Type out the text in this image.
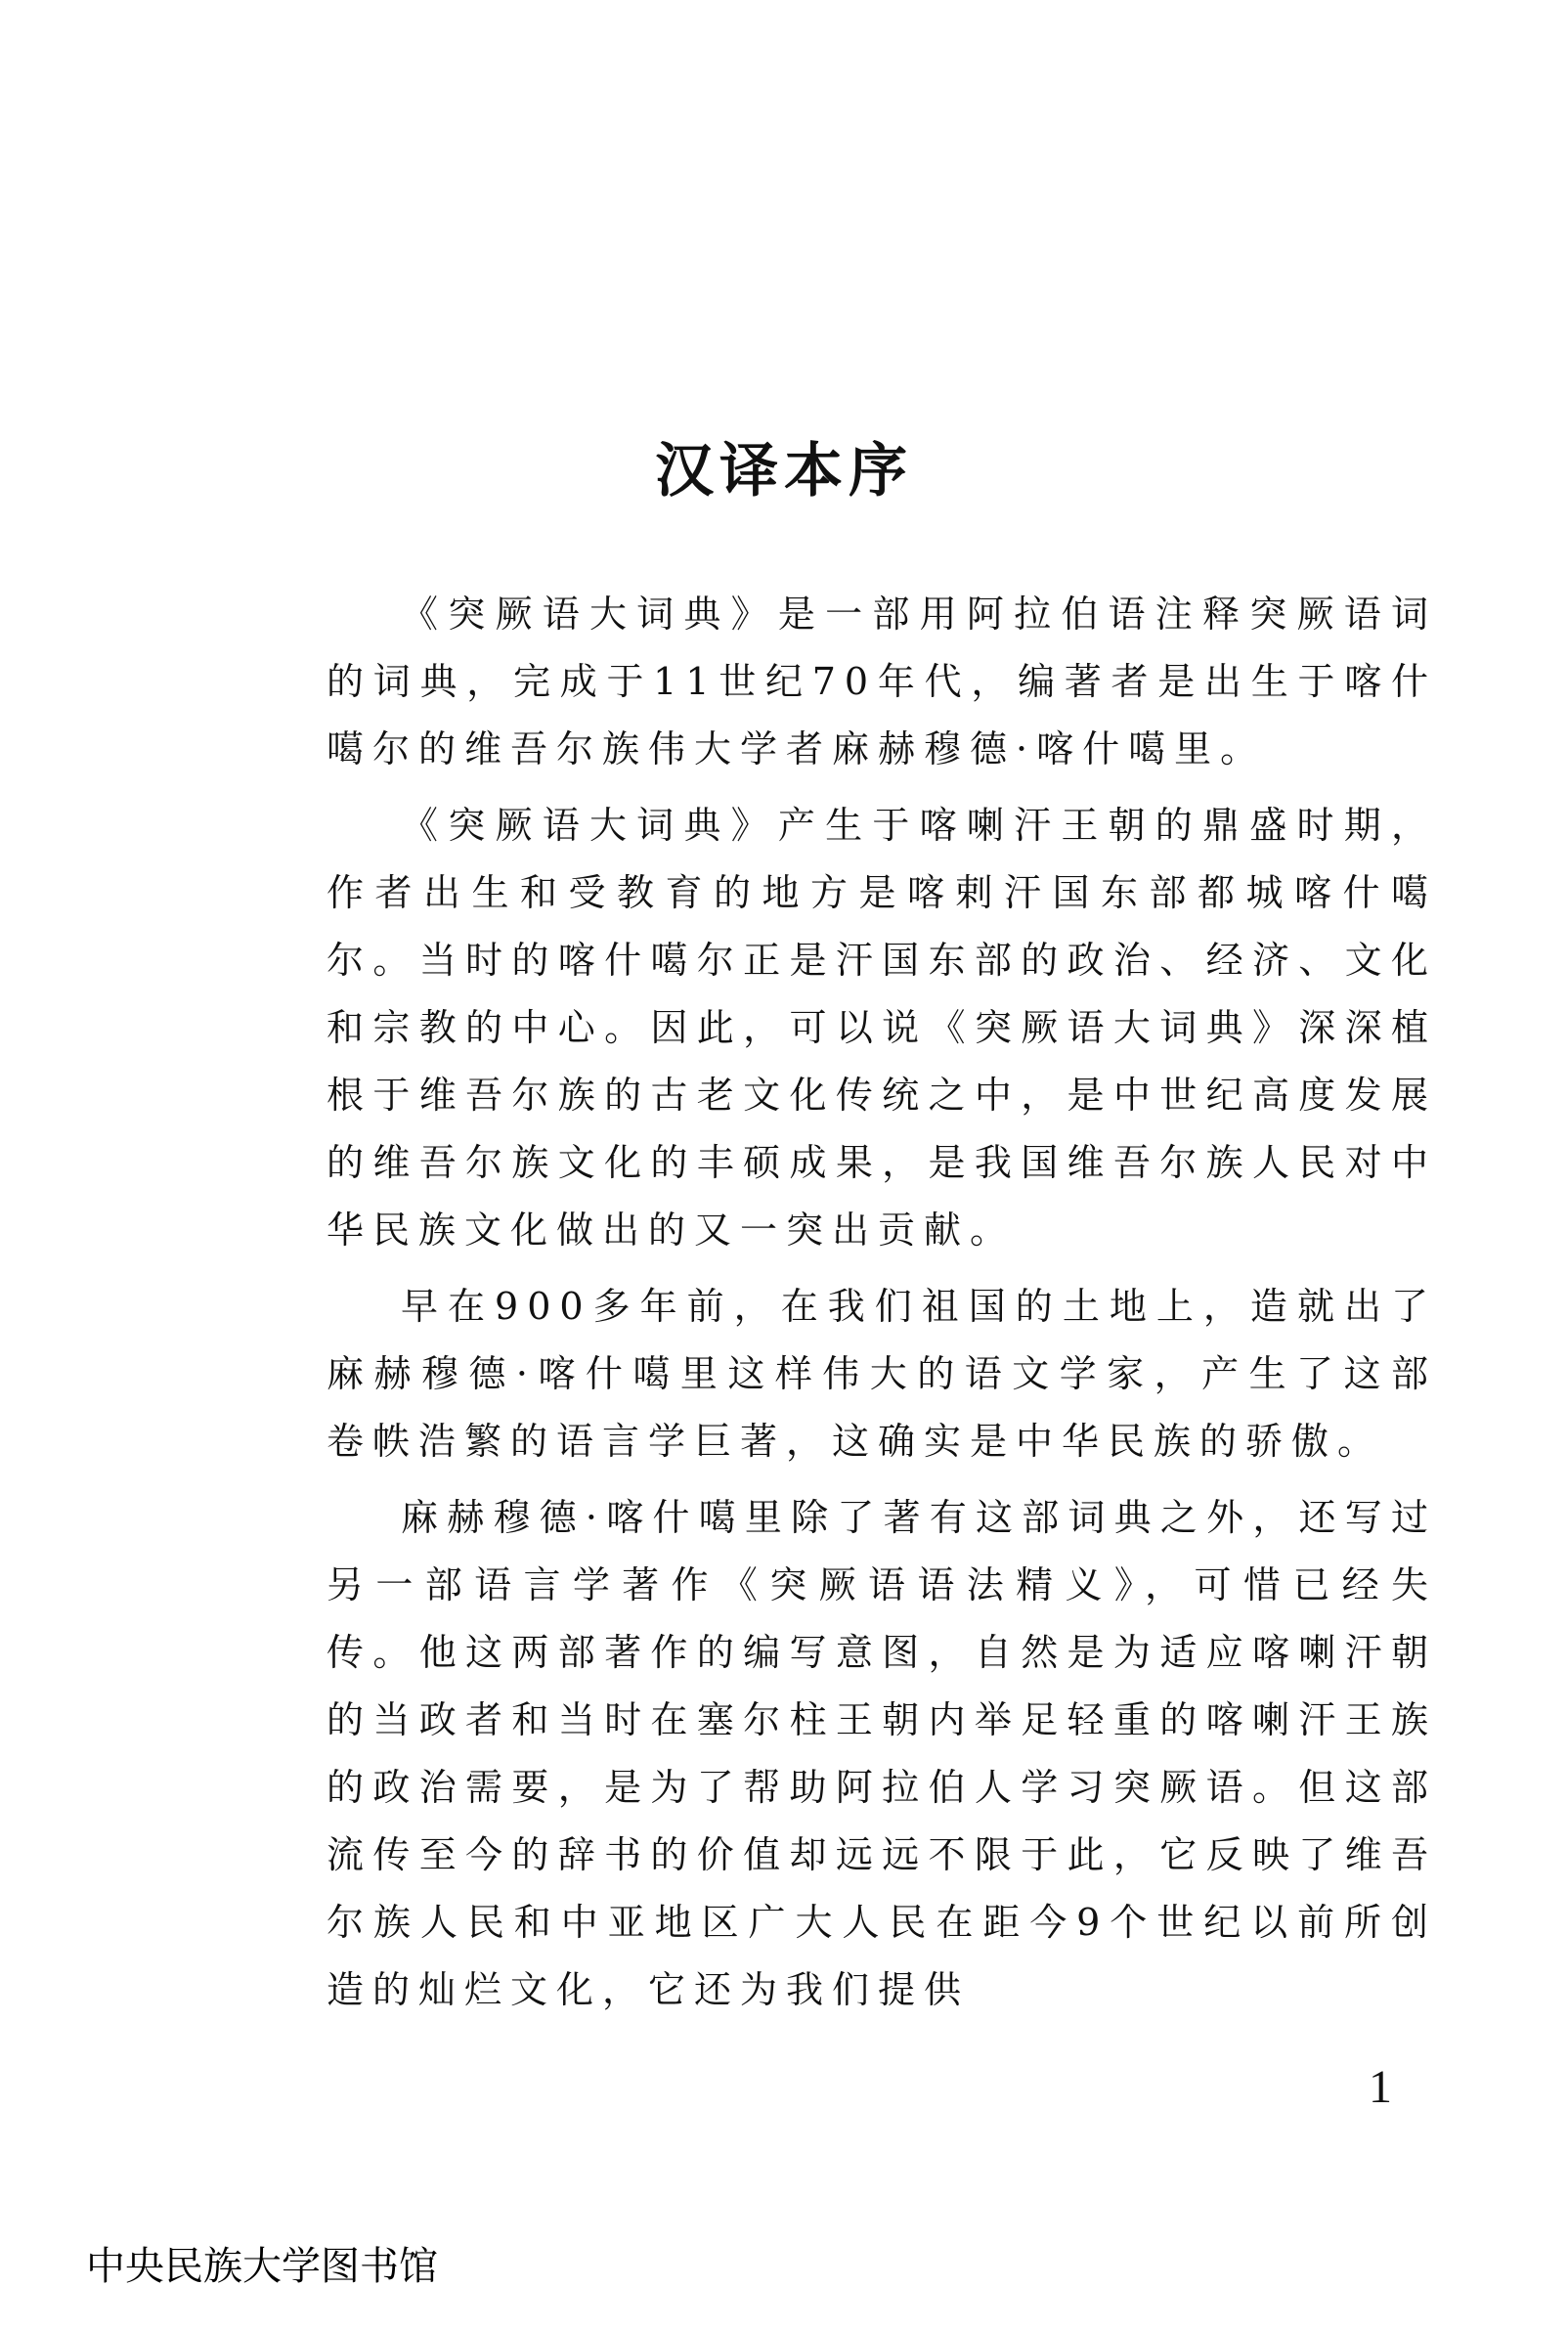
汉译本序

《突厥语大词典》是一部用阿拉伯语注释突厥语词的词典，完成于11世纪70年代，编著者是出生于喀什噶尔的维吾尔族伟大学者麻赫穆德·喀什噶里。

《突厥语大词典》产生于喀喇汗王朝的鼎盛时期，作者出生和受教育的地方是喀剌汗国东部都城喀什噶尔。当时的喀什噶尔正是汗国东部的政治、经济、文化和宗教的中心。因此，可以说《突厥语大词典》深深植根于维吾尔族的古老文化传统之中，是中世纪高度发展的维吾尔族文化的丰硕成果，是我国维吾尔族人民对中华民族文化做出的又一突出贡献。

早在900多年前，在我们祖国的土地上，造就出了麻赫穆德·喀什噶里这样伟大的语文学家，产生了这部卷帙浩繁的语言学巨著，这确实是中华民族的骄傲。

麻赫穆德·喀什噶里除了著有这部词典之外，还写过另一部语言学著作《突厥语语法精义》，可惜已经失传。他这两部著作的编写意图，自然是为适应喀喇汗朝的当政者和当时在塞尔柱王朝内举足轻重的喀喇汗王族的政治需要，是为了帮助阿拉伯人学习突厥语。但这部流传至今的辞书的价值却远远不限于此，它反映了维吾尔族人民和中亚地区广大人民在距今9个世纪以前所创造的灿烂文化，它还为我们提供

1
中央民族大学图书馆
